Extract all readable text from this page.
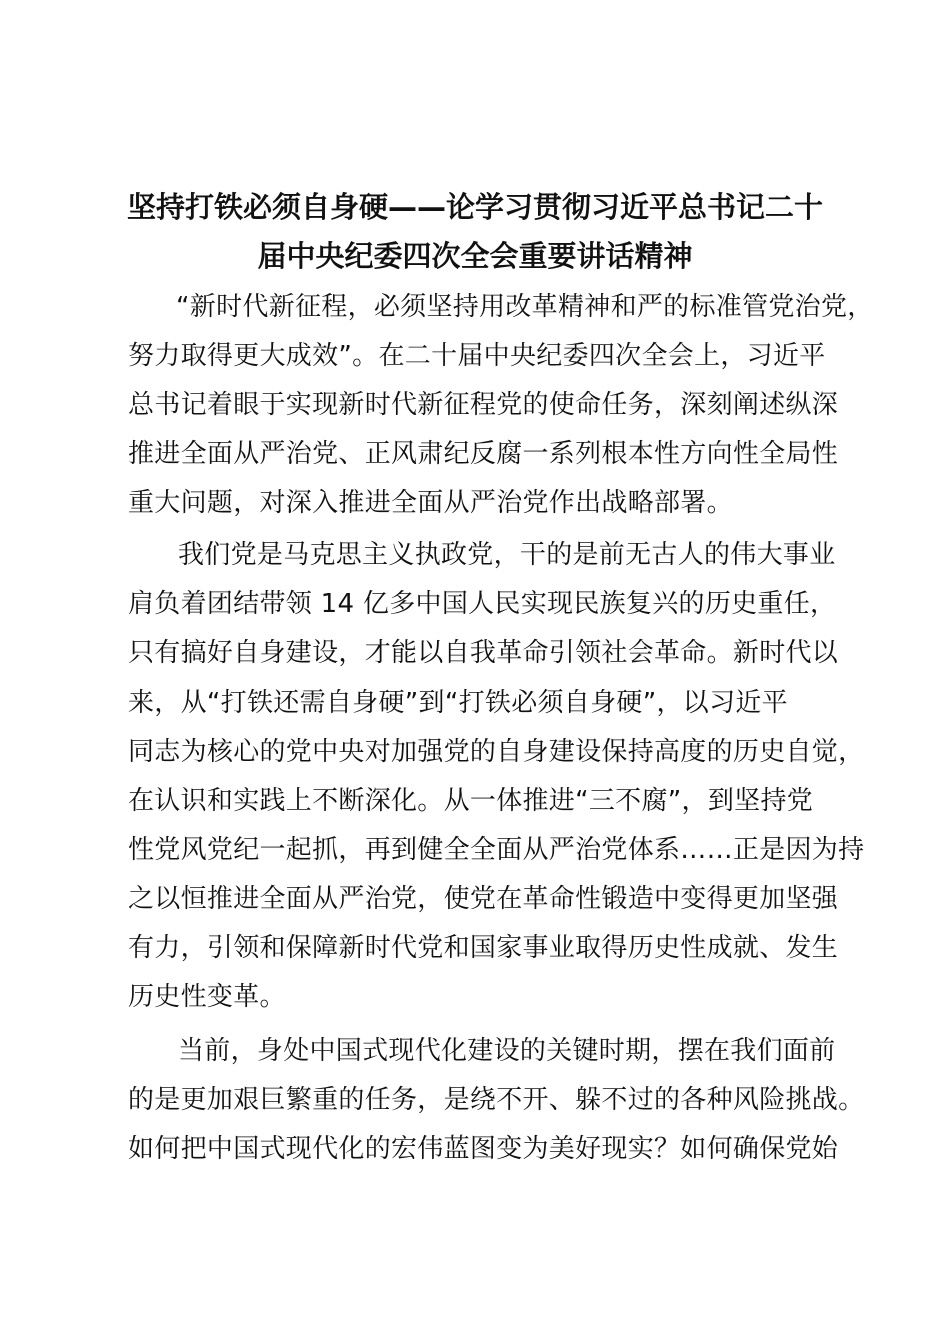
坚持打铁必须自身硬——论学习贯彻习近平总书记二十
届中央纪委四次全会重要讲话精神
“新时代新征程，必须坚持用改革精神和严的标准管党治党，
努力取得更大成效”。在二十届中央纪委四次全会上，习近平
总书记着眼于实现新时代新征程党的使命任务，深刻阐述纵深
推进全面从严治党、正风肃纪反腐一系列根本性方向性全局性
重大问题，对深入推进全面从严治党作出战略部署。
我们党是马克思主义执政党，干的是前无古人的伟大事业
肩负着团结带领 14 亿多中国人民实现民族复兴的历史重任，
只有搞好自身建设，才能以自我革命引领社会革命。新时代以
来，从“打铁还需自身硬”到“打铁必须自身硬”，以习近平
同志为核心的党中央对加强党的自身建设保持高度的历史自觉，
在认识和实践上不断深化。从一体推进“三不腐”，到坚持党
性党风党纪一起抓，再到健全全面从严治党体系……正是因为持
之以恒推进全面从严治党，使党在革命性锻造中变得更加坚强
有力，引领和保障新时代党和国家事业取得历史性成就、发生
历史性变革。
当前，身处中国式现代化建设的关键时期，摆在我们面前
的是更加艰巨繁重的任务，是绕不开、躲不过的各种风险挑战。
如何把中国式现代化的宏伟蓝图变为美好现实？如何确保党始
